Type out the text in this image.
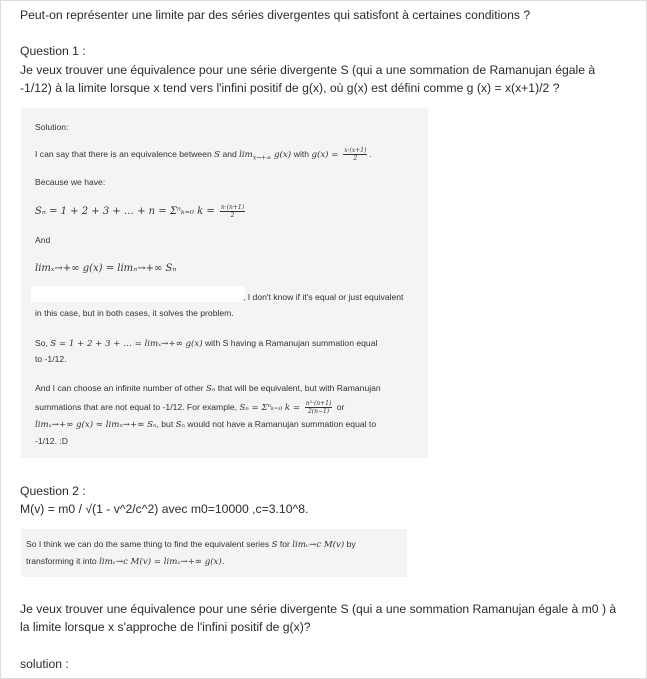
Peut-on représenter une limite par des séries divergentes qui satisfont à certaines conditions ?
Question 1 :
Je veux trouver une équivalence pour une série divergente S (qui a une sommation de Ramanujan égale à
-1/12) à la limite lorsque x tend vers l'infini positif de g(x), où g(x) est défini comme g (x) = x(x+1)/2 ?
Solution:
I can say that there is an equivalence between S and $\lim_{x\to+\infty} g(x)$ with $g(x) = \frac{x\cdot(x+1)}{2}$ .
Because we have:
Sₙ = 1 + 2 + 3 + … + n = Σⁿₖ₌₀ $k = \frac{n\cdot(n+1)}{2}$
And
limₓ→+∞ g(x) = limₙ→+∞ Sₙ
, I don't know if it's equal or just equivalent
in this case, but in both cases, it solves the problem.
So, S = 1 + 2 + 3 + … = limₓ→+∞ g(x) with S having a Ramanujan summation equal
to -1/12.
And I can choose an infinite number of other Sₙ that will be equivalent, but with Ramanujan
summations that are not equal to -1/12. For example, Sₙ = Σⁿₖ₌₀ $k = \frac{\text{n²·(n+1)}}{2(n-1)}$ or
limₓ→+∞ g(x) ≈ limₙ→+∞ Sₙ, but Sₙ would not have a Ramanujan summation equal to
-1/12. :D
Question 2 :
M(v) = m0 / √(1 - v^2/c^2) avec m0=10000 ,c=3.10^8.
So I think we can do the same thing to find the equivalent series S for limᵥ→c M(v) by
transforming it into limᵥ→c M(v) = limₓ→+∞ g(x).
Je veux trouver une équivalence pour une série divergente S (qui a une sommation Ramanujan égale à m0 ) à
la limite lorsque x s'approche de l'infini positif de g(x)?
solution :
